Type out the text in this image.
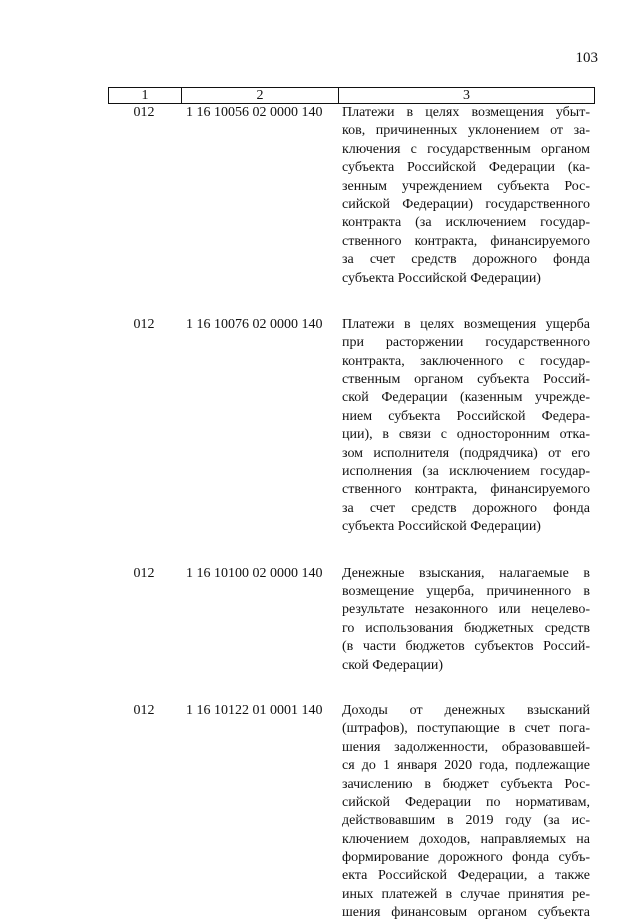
103
1	2	3
012	1 16 10056 02 0000 140	Платежи в целях возмещения убыт-
ков, причиненных уклонением от за-
ключения с государственным органом
субъекта Российской Федерации (ка-
зенным учреждением субъекта Рос-
сийской Федерации) государственного
контракта (за исключением государ-
ственного контракта, финансируемого
за счет средств дорожного фонда
субъекта Российской Федерации)
012	1 16 10076 02 0000 140	Платежи в целях возмещения ущерба
при расторжении государственного
контракта, заключенного с государ-
ственным органом субъекта Россий-
ской Федерации (казенным учрежде-
нием субъекта Российской Федера-
ции), в связи с односторонним отка-
зом исполнителя (подрядчика) от его
исполнения (за исключением государ-
ственного контракта, финансируемого
за счет средств дорожного фонда
субъекта Российской Федерации)
012	1 16 10100 02 0000 140	Денежные взыскания, налагаемые в
возмещение ущерба, причиненного в
результате незаконного или нецелево-
го использования бюджетных средств
(в части бюджетов субъектов Россий-
ской Федерации)
012	1 16 10122 01 0001 140	Доходы от денежных взысканий
(штрафов), поступающие в счет пога-
шения задолженности, образовавшей-
ся до 1 января 2020 года, подлежащие
зачислению в бюджет субъекта Рос-
сийской Федерации по нормативам,
действовавшим в 2019 году (за ис-
ключением доходов, направляемых на
формирование дорожного фонда субъ-
екта Российской Федерации, а также
иных платежей в случае принятия ре-
шения финансовым органом субъекта
